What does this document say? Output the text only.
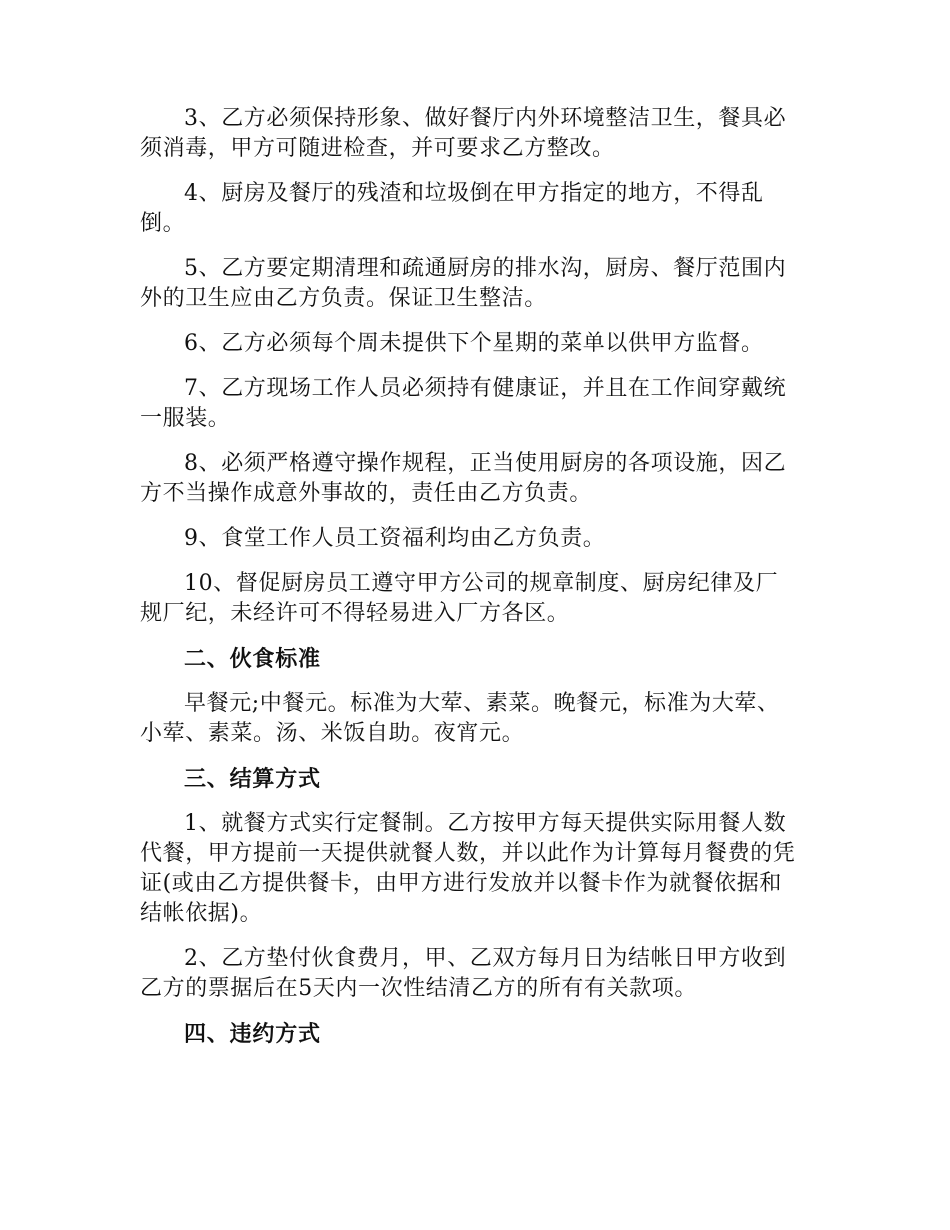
3、乙方必须保持形象、做好餐厅内外环境整洁卫生，餐具必须消毒，甲方可随进检查，并可要求乙方整改。

4、厨房及餐厅的残渣和垃圾倒在甲方指定的地方，不得乱倒。

5、乙方要定期清理和疏通厨房的排水沟，厨房、餐厅范围内外的卫生应由乙方负责。保证卫生整洁。

6、乙方必须每个周未提供下个星期的菜单以供甲方监督。

7、乙方现场工作人员必须持有健康证，并且在工作间穿戴统一服装。

8、必须严格遵守操作规程，正当使用厨房的各项设施，因乙方不当操作成意外事故的，责任由乙方负责。

9、食堂工作人员工资福利均由乙方负责。

10、督促厨房员工遵守甲方公司的规章制度、厨房纪律及厂规厂纪，未经许可不得轻易进入厂方各区。

二、伙食标准

早餐元;中餐元。标准为大荤、素菜。晚餐元，标准为大荤、小荤、素菜。汤、米饭自助。夜宵元。

三、结算方式

1、就餐方式实行定餐制。乙方按甲方每天提供实际用餐人数代餐，甲方提前一天提供就餐人数，并以此作为计算每月餐费的凭证(或由乙方提供餐卡，由甲方进行发放并以餐卡作为就餐依据和结帐依据)。

2、乙方垫付伙食费月，甲、乙双方每月日为结帐日甲方收到乙方的票据后在5天内一次性结清乙方的所有有关款项。

四、违约方式
